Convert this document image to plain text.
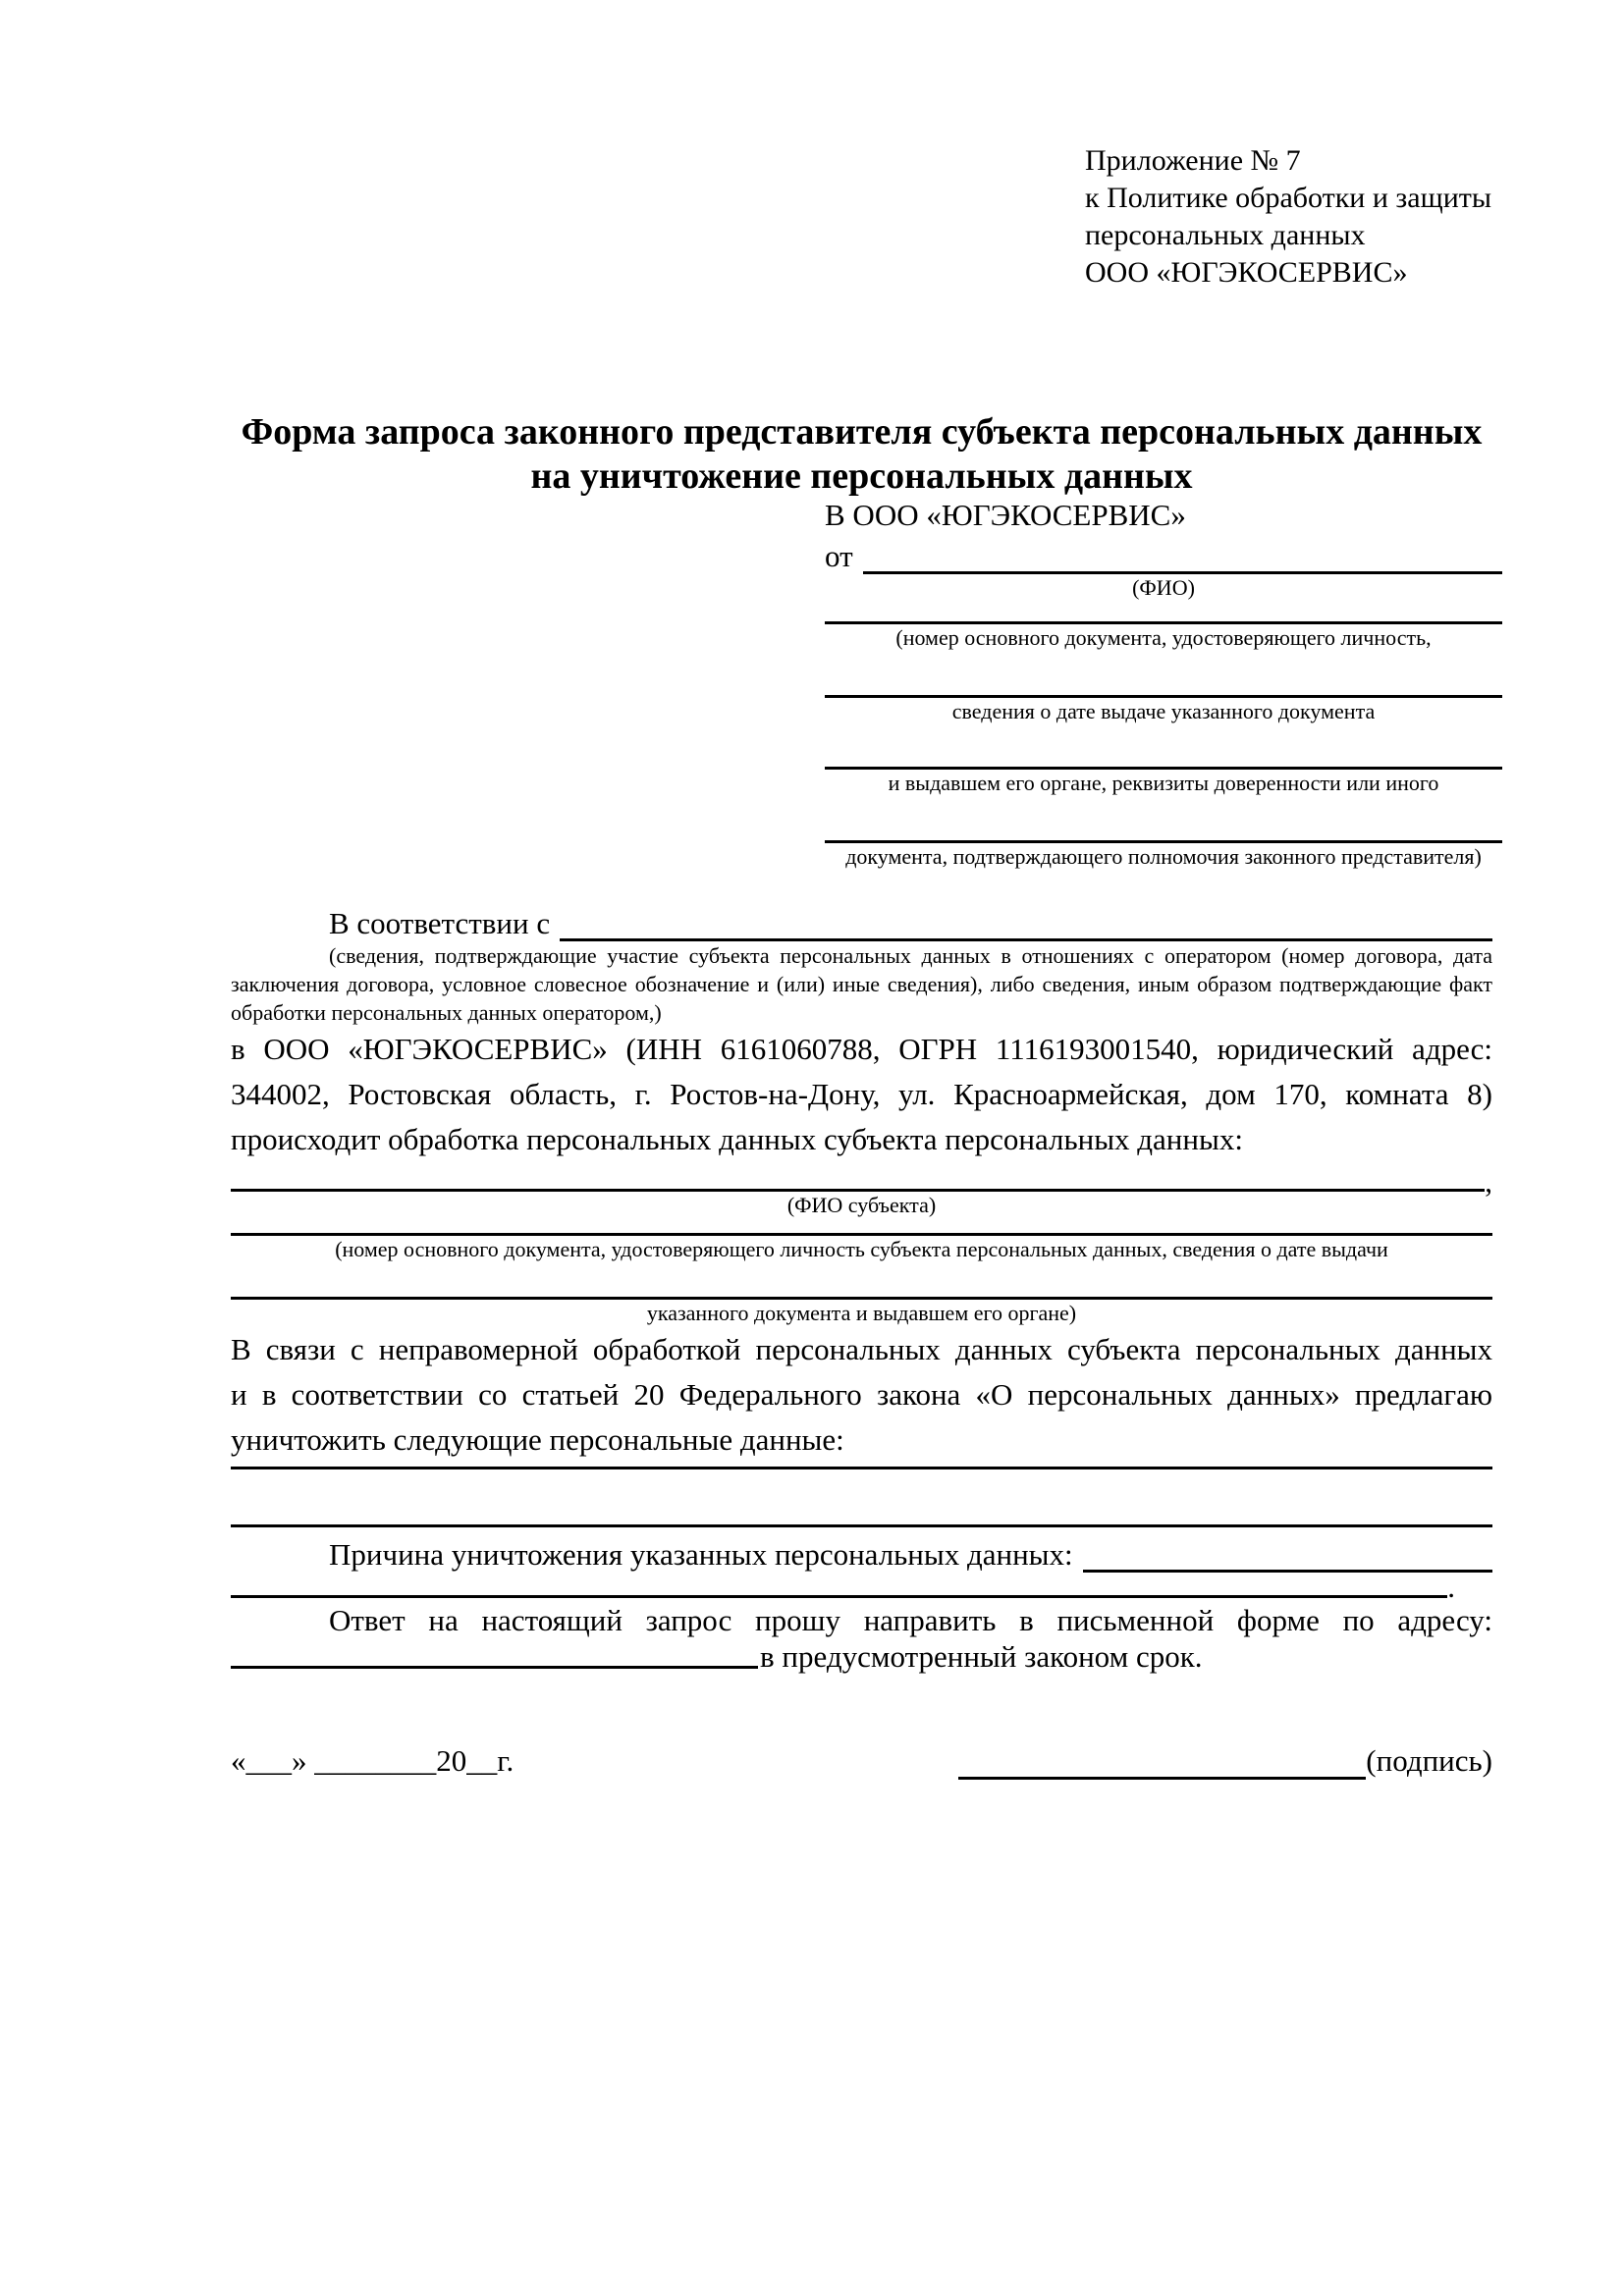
Приложение № 7
к Политике обработки и защиты
персональных данных
ООО «ЮГЭКОСЕРВИС»
Форма запроса законного представителя субъекта персональных данных
на уничтожение персональных данных
В ООО «ЮГЭКОСЕРВИС»
от
(ФИО)
(номер основного документа, удостоверяющего личность,
сведения о дате выдаче указанного документа
и выдавшем его органе, реквизиты доверенности или иного
документа, подтверждающего полномочия законного представителя)
В соответствии с
(сведения, подтверждающие участие субъекта персональных данных в отношениях с оператором (номер договора, дата
заключения договора, условное словесное обозначение и (или) иные сведения), либо сведения, иным образом подтверждающие факт
обработки персональных данных оператором,)
в ООО «ЮГЭКОСЕРВИС» (ИНН 6161060788, ОГРН 1116193001540, юридический адрес:
344002, Ростовская область, г. Ростов-на-Дону, ул. Красноармейская, дом 170, комната 8)
происходит обработка персональных данных субъекта персональных данных:
,
(ФИО субъекта)
(номер основного документа, удостоверяющего личность субъекта персональных данных, сведения о дате выдачи
указанного документа и выдавшем его органе)
В связи с неправомерной обработкой персональных данных субъекта персональных данных
и в соответствии со статьей 20 Федерального закона «О персональных данных» предлагаю
уничтожить следующие персональные данные:
Причина уничтожения указанных персональных данных:
.
Ответ на настоящий запрос прошу направить в письменной форме по адресу:
в предусмотренный законом срок.
«___» ________20__г.	(подпись)
